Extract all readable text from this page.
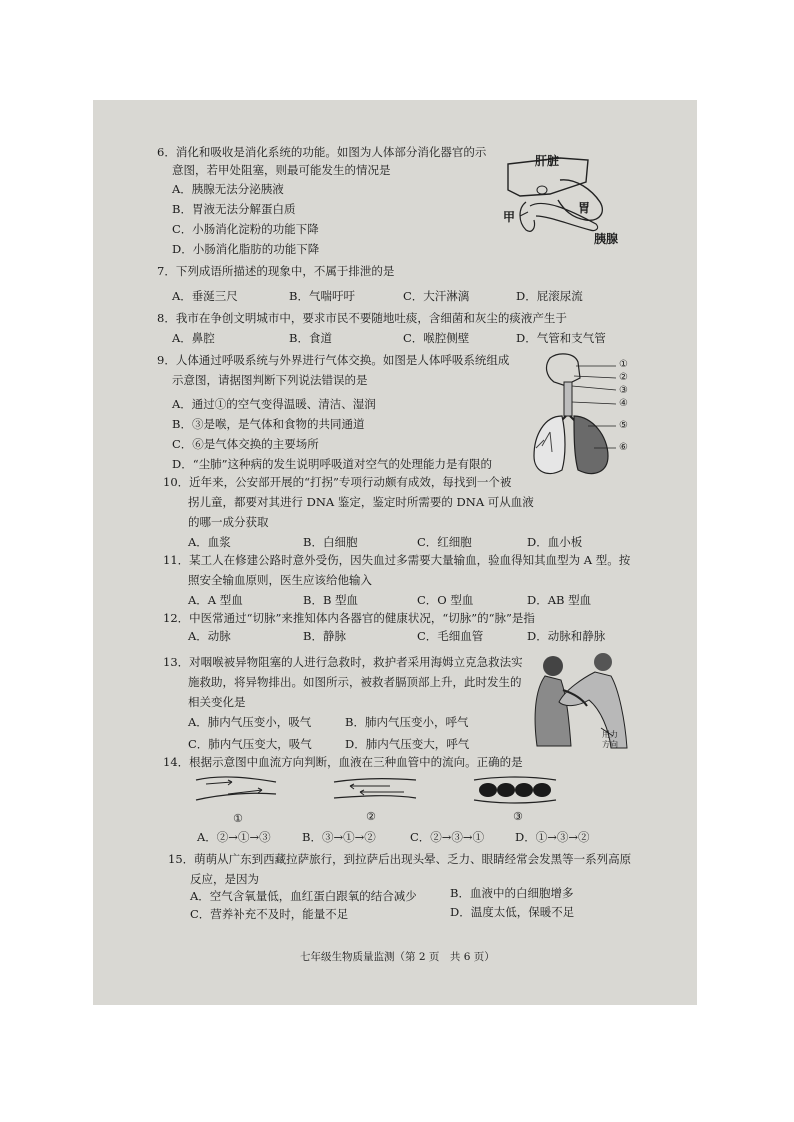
6．消化和吸收是消化系统的功能。如图为人体部分消化器官的示
意图，若甲处阻塞，则最可能发生的情况是
A．胰腺无法分泌胰液
B．胃液无法分解蛋白质
C．小肠消化淀粉的功能下降
D．小肠消化脂肪的功能下降
肝脏
胃
甲
胰腺
7．下列成语所描述的现象中，不属于排泄的是
A．垂涎三尺	B．气喘吁吁	C．大汗淋漓	D．屁滚尿流
8．我市在争创文明城市中，要求市民不要随地吐痰，含细菌和灰尘的痰液产生于
A．鼻腔	B．食道	C．喉腔侧壁	D．气管和支气管
9．人体通过呼吸系统与外界进行气体交换。如图是人体呼吸系统组成
示意图，请据图判断下列说法错误的是
A．通过①的空气变得温暖、清洁、湿润
B．③是喉，是气体和食物的共同通道
C．⑥是气体交换的主要场所
D．“尘肺”这种病的发生说明呼吸道对空气的处理能力是有限的
①
②
③
④
⑤
⑥
10．近年来，公安部开展的“打拐”专项行动颇有成效，每找到一个被
拐儿童，都要对其进行 DNA 鉴定，鉴定时所需要的 DNA 可从血液
的哪一成分获取
A．血浆	B．白细胞	C．红细胞	D．血小板
11．某工人在修建公路时意外受伤，因失血过多需要大量输血，验血得知其血型为 A 型。按
照安全输血原则，医生应该给他输入
A．A 型血	B．B 型血	C．O 型血	D．AB 型血
12．中医常通过“切脉”来推知体内各器官的健康状况，“切脉”的“脉”是指
A．动脉	B．静脉	C．毛细血管	D．动脉和静脉
13．对咽喉被异物阻塞的人进行急救时，救护者采用海姆立克急救法实
施救助，将异物排出。如图所示，被救者膈顶部上升，此时发生的
相关变化是
A．肺内气压变小，吸气	B．肺内气压变小，呼气
C．肺内气压变大，吸气	D．肺内气压变大，呼气
用力
方向
14．根据示意图中血流方向判断，血液在三种血管中的流向。正确的是
①	②	③
A．②→①→③	B．③→①→②	C．②→③→①	D．①→③→②
15．萌萌从广东到西藏拉萨旅行，到拉萨后出现头晕、乏力、眼睛经常会发黑等一系列高原
反应，是因为
A．空气含氧量低，血红蛋白跟氧的结合减少	B．血液中的白细胞增多
C．营养补充不及时，能量不足	D．温度太低，保暖不足
七年级生物质量监测（第 2 页　共 6 页）
